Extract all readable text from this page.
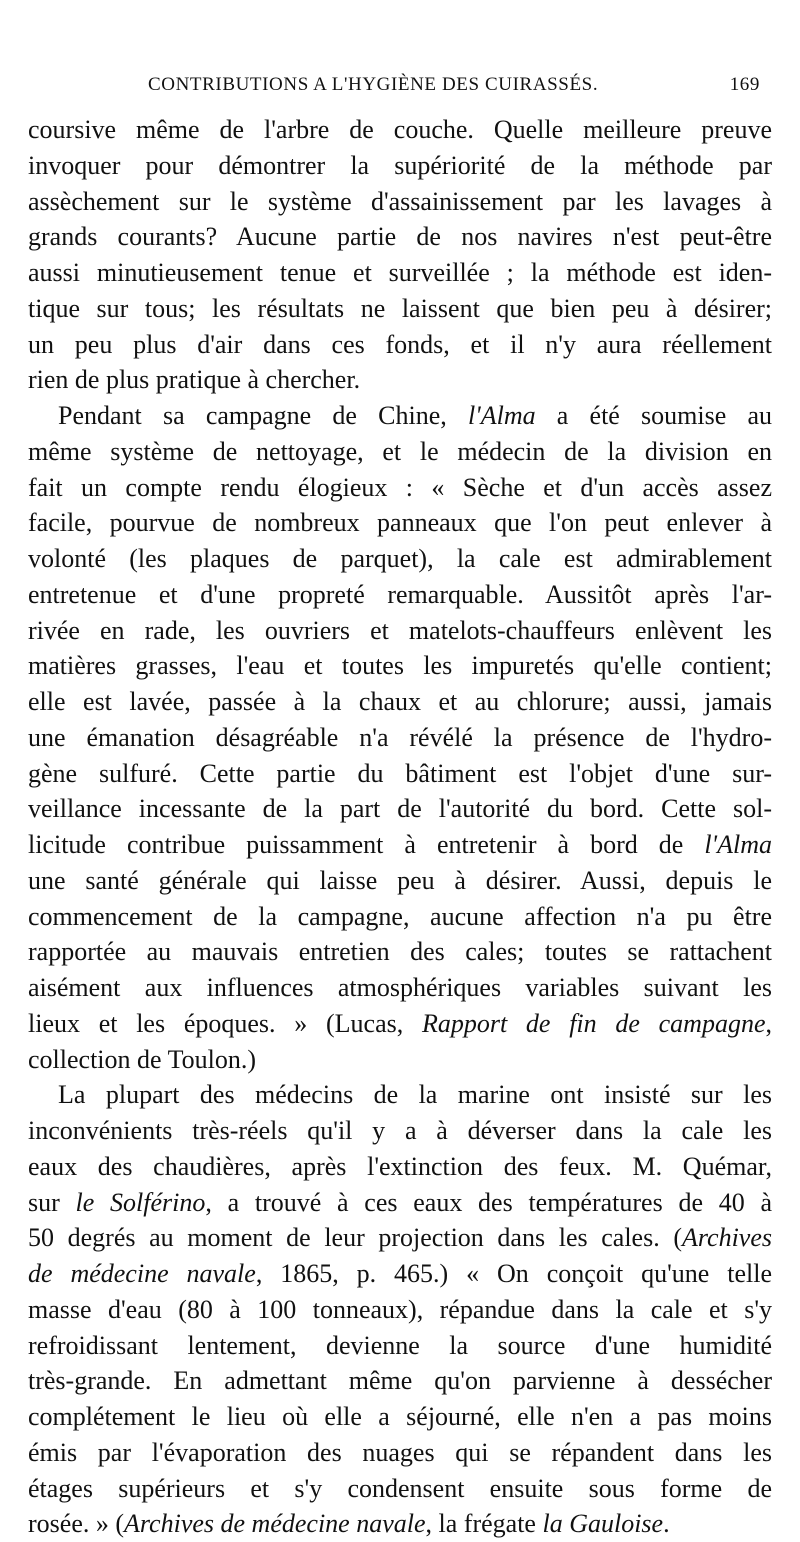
CONTRIBUTIONS A L'HYGIÈNE DES CUIRASSÉS.	169
coursive même de l'arbre de couche. Quelle meilleure preuve
invoquer pour démontrer la supériorité de la méthode par
assèchement sur le système d'assainissement par les lavages à
grands courants? Aucune partie de nos navires n'est peut-être
aussi minutieusement tenue et surveillée ; la méthode est iden-
tique sur tous; les résultats ne laissent que bien peu à désirer;
un peu plus d'air dans ces fonds, et il n'y aura réellement
rien de plus pratique à chercher.
Pendant sa campagne de Chine, l'Alma a été soumise au
même système de nettoyage, et le médecin de la division en
fait un compte rendu élogieux : « Sèche et d'un accès assez
facile, pourvue de nombreux panneaux que l'on peut enlever à
volonté (les plaques de parquet), la cale est admirablement
entretenue et d'une propreté remarquable. Aussitôt après l'ar-
rivée en rade, les ouvriers et matelots-chauffeurs enlèvent les
matières grasses, l'eau et toutes les impuretés qu'elle contient;
elle est lavée, passée à la chaux et au chlorure; aussi, jamais
une émanation désagréable n'a révélé la présence de l'hydro-
gène sulfuré. Cette partie du bâtiment est l'objet d'une sur-
veillance incessante de la part de l'autorité du bord. Cette sol-
licitude contribue puissamment à entretenir à bord de l'Alma
une santé générale qui laisse peu à désirer. Aussi, depuis le
commencement de la campagne, aucune affection n'a pu être
rapportée au mauvais entretien des cales; toutes se rattachent
aisément aux influences atmosphériques variables suivant les
lieux et les époques. » (Lucas, Rapport de fin de campagne,
collection de Toulon.)
La plupart des médecins de la marine ont insisté sur les
inconvénients très-réels qu'il y a à déverser dans la cale les
eaux des chaudières, après l'extinction des feux. M. Quémar,
sur le Solférino, a trouvé à ces eaux des températures de 40 à
50 degrés au moment de leur projection dans les cales. (Archives
de médecine navale, 1865, p. 465.) « On conçoit qu'une telle
masse d'eau (80 à 100 tonneaux), répandue dans la cale et s'y
refroidissant lentement, devienne la source d'une humidité
très-grande. En admettant même qu'on parvienne à dessécher
complétement le lieu où elle a séjourné, elle n'en a pas moins
émis par l'évaporation des nuages qui se répandent dans les
étages supérieurs et s'y condensent ensuite sous forme de
rosée. » (Archives de médecine navale, la frégate la Gauloise.
